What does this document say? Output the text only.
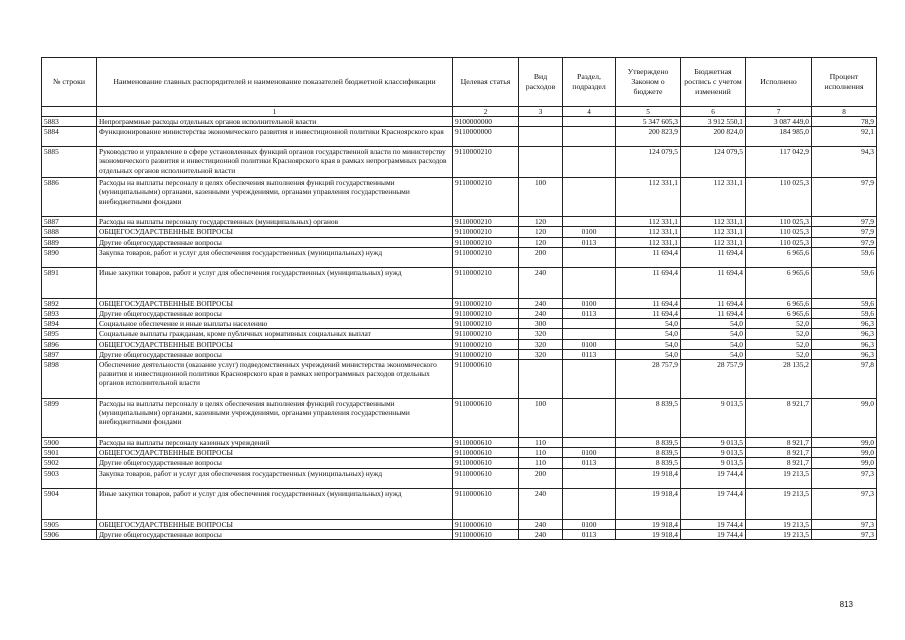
№ строки	Наименование главных распорядителей и наименование показателей бюджетной классификации	Целевая статья	Вид расходов	Раздел, подраздел	Утверждено Законом о бюджете	Бюджетная роспись с учетом изменений	Исполнено	Процент исполнения
	1	2	3	4	5	6	7	8
5883	Непрограммные расходы отдельных органов исполнительной власти	9100000000			5 347 605,3	3 912 550,1	3 087 449,0	78,9
5884	Функционирование министерства экономического развития и инвестиционной политики Красноярского края	9110000000			200 823,9	200 824,0	184 985,0	92,1
5885	Руководство и управление в сфере установленных функций органов государственной власти по министерству экономического развития и инвестиционной политики Красноярского края в рамках непрограммных расходов отдельных органов исполнительной власти	9110000210			124 079,5	124 079,5	117 042,9	94,3
5886	Расходы на выплаты персоналу в целях обеспечения выполнения функций государственными (муниципальными) органами, казенными учреждениями, органами управления государственными внебюджетными фондами	9110000210	100		112 331,1	112 331,1	110 025,3	97,9
5887	Расходы на выплаты персоналу государственных (муниципальных) органов	9110000210	120		112 331,1	112 331,1	110 025,3	97,9
5888	ОБЩЕГОСУДАРСТВЕННЫЕ ВОПРОСЫ	9110000210	120	0100	112 331,1	112 331,1	110 025,3	97,9
5889	Другие общегосударственные вопросы	9110000210	120	0113	112 331,1	112 331,1	110 025,3	97,9
5890	Закупка товаров, работ и услуг для обеспечения государственных (муниципальных) нужд	9110000210	200		11 694,4	11 694,4	6 965,6	59,6
5891	Иные закупки товаров, работ и услуг для обеспечения государственных (муниципальных) нужд	9110000210	240		11 694,4	11 694,4	6 965,6	59,6
5892	ОБЩЕГОСУДАРСТВЕННЫЕ ВОПРОСЫ	9110000210	240	0100	11 694,4	11 694,4	6 965,6	59,6
5893	Другие общегосударственные вопросы	9110000210	240	0113	11 694,4	11 694,4	6 965,6	59,6
5894	Социальное обеспечение и иные выплаты населению	9110000210	300		54,0	54,0	52,0	96,3
5895	Социальные выплаты гражданам, кроме публичных нормативных социальных выплат	9110000210	320		54,0	54,0	52,0	96,3
5896	ОБЩЕГОСУДАРСТВЕННЫЕ ВОПРОСЫ	9110000210	320	0100	54,0	54,0	52,0	96,3
5897	Другие общегосударственные вопросы	9110000210	320	0113	54,0	54,0	52,0	96,3
5898	Обеспечение деятельности (оказание услуг) подведомственных учреждений министерства экономического развития и инвестиционной политики Красноярского края в рамках непрограммных расходов отдельных органов исполнительной власти	9110000610			28 757,9	28 757,9	28 135,2	97,8
5899	Расходы на выплаты персоналу в целях обеспечения выполнения функций государственными (муниципальными) органами, казенными учреждениями, органами управления государственными внебюджетными фондами	9110000610	100		8 839,5	9 013,5	8 921,7	99,0
5900	Расходы на выплаты персоналу казенных учреждений	9110000610	110		8 839,5	9 013,5	8 921,7	99,0
5901	ОБЩЕГОСУДАРСТВЕННЫЕ ВОПРОСЫ	9110000610	110	0100	8 839,5	9 013,5	8 921,7	99,0
5902	Другие общегосударственные вопросы	9110000610	110	0113	8 839,5	9 013,5	8 921,7	99,0
5903	Закупка товаров, работ и услуг для обеспечения государственных (муниципальных) нужд	9110000610	200		19 918,4	19 744,4	19 213,5	97,3
5904	Иные закупки товаров, работ и услуг для обеспечения государственных (муниципальных) нужд	9110000610	240		19 918,4	19 744,4	19 213,5	97,3
5905	ОБЩЕГОСУДАРСТВЕННЫЕ ВОПРОСЫ	9110000610	240	0100	19 918,4	19 744,4	19 213,5	97,3
5906	Другие общегосударственные вопросы	9110000610	240	0113	19 918,4	19 744,4	19 213,5	97,3
813
